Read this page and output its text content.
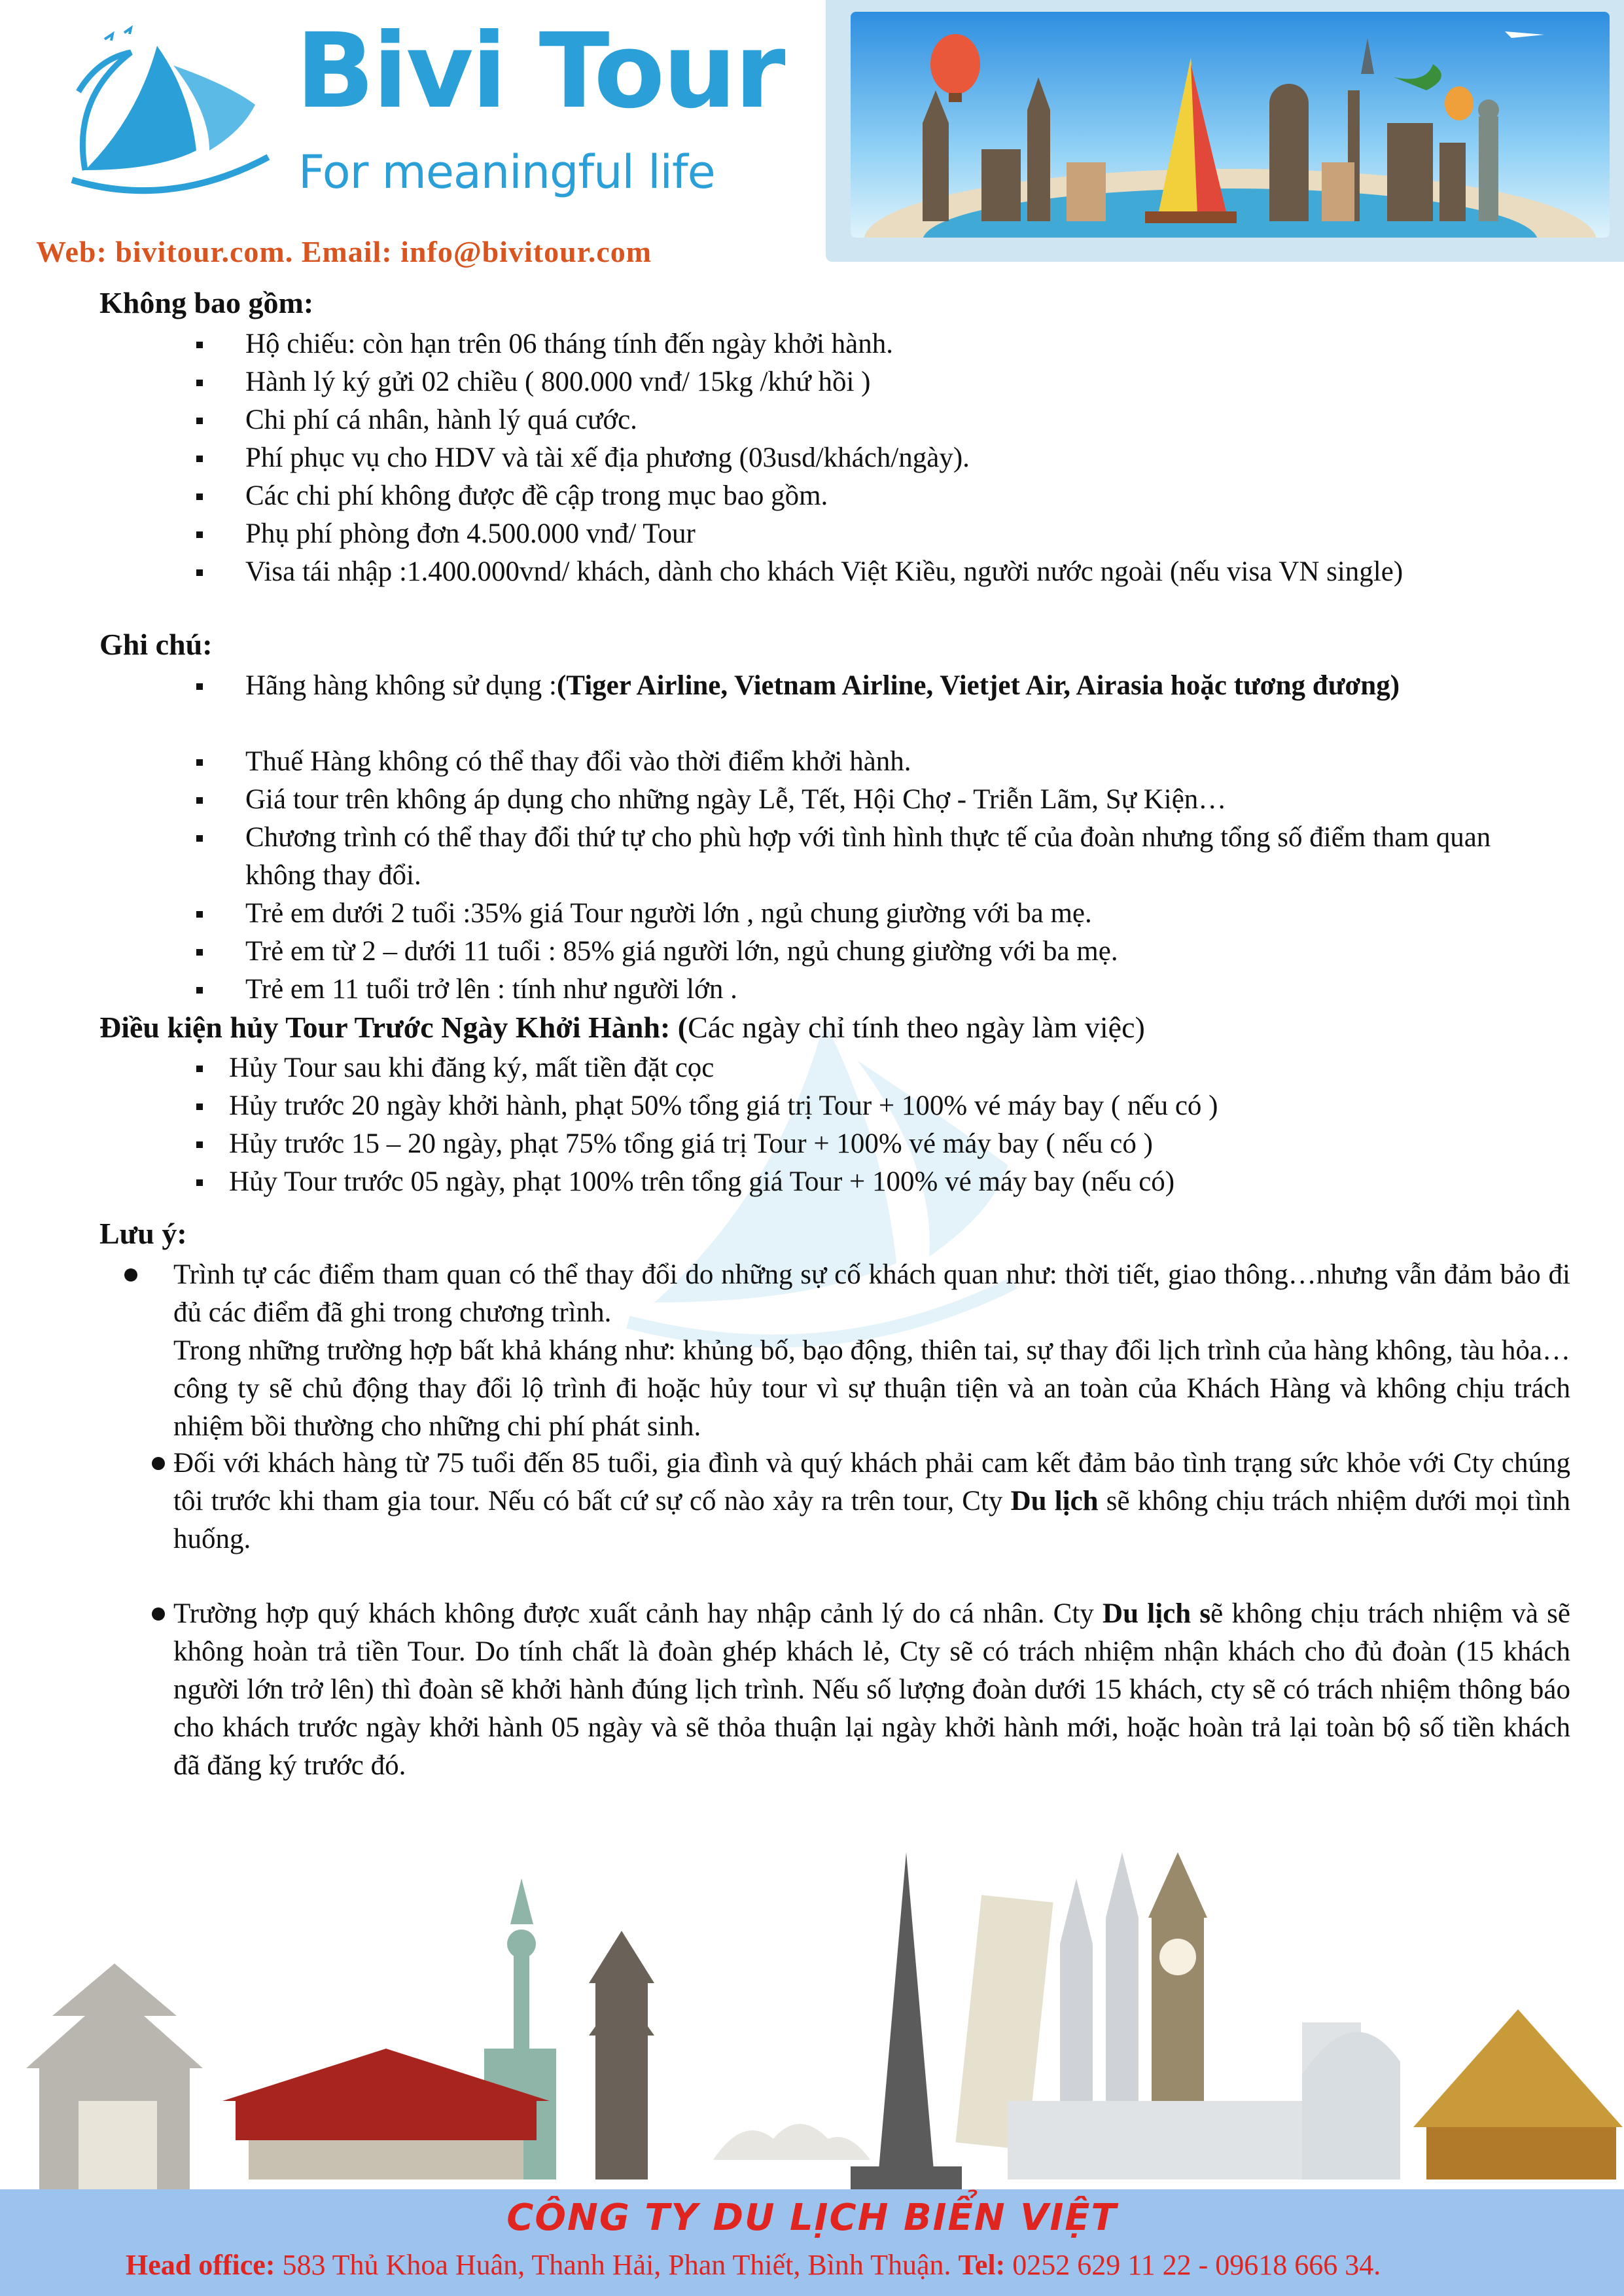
Bivi Tour
For meaningful life
Web: bivitour.com. Email: info@bivitour.com
Không bao gồm:
Hộ chiếu: còn hạn trên 06 tháng tính đến ngày khởi hành.
Hành lý ký gửi 02 chiều ( 800.000 vnđ/ 15kg /khứ hồi )
Chi phí cá nhân, hành lý quá cước.
Phí phục vụ cho HDV và tài xế địa phương (03usd/khách/ngày).
Các chi phí không được đề cập trong mục bao gồm.
Phụ phí phòng đơn 4.500.000 vnđ/ Tour
Visa tái nhập :1.400.000vnd/ khách, dành cho khách Việt Kiều, người nước ngoài (nếu visa VN single)
Ghi chú:
Hãng hàng không sử dụng :(Tiger Airline, Vietnam Airline, Vietjet Air, Airasia hoặc tương đương)
Thuế Hàng không có thể thay đổi vào thời điểm khởi hành.
Giá tour trên không áp dụng cho những ngày Lễ, Tết, Hội Chợ - Triễn Lãm, Sự Kiện…
Chương trình có thể thay đổi thứ tự cho phù hợp với tình hình thực tế của đoàn nhưng tổng số điểm tham quan không thay đổi.
Trẻ em dưới 2 tuổi :35% giá Tour người lớn , ngủ chung giường với ba mẹ.
Trẻ em từ 2 – dưới 11 tuổi : 85% giá người lớn, ngủ chung giường với ba mẹ.
Trẻ em 11 tuổi trở lên : tính như người lớn .
Điều kiện hủy Tour Trước Ngày Khởi Hành: (Các ngày chỉ tính theo ngày làm việc)
Hủy Tour sau khi đăng ký, mất tiền đặt cọc
Hủy trước 20 ngày khởi hành, phạt 50% tổng giá trị Tour + 100% vé máy bay ( nếu có )
Hủy trước 15 – 20 ngày, phạt 75% tổng giá trị Tour + 100% vé máy bay ( nếu có )
Hủy Tour trước 05 ngày, phạt 100% trên tổng giá Tour + 100% vé máy bay (nếu có)
Lưu ý:
Trình tự các điểm tham quan có thể thay đổi do những sự cố khách quan như: thời tiết, giao thông…nhưng vẫn đảm bảo đi đủ các điểm đã ghi trong chương trình.
Trong những trường hợp bất khả kháng như: khủng bố, bạo động, thiên tai, sự thay đổi lịch trình của hàng không, tàu hỏa… công ty sẽ chủ động thay đổi lộ trình đi hoặc hủy tour vì sự thuận tiện và an toàn của Khách Hàng và không chịu trách nhiệm bồi thường cho những chi phí phát sinh.
Đối với khách hàng từ 75 tuổi đến 85 tuổi, gia đình và quý khách phải cam kết đảm bảo tình trạng sức khỏe với Cty chúng tôi trước khi tham gia tour. Nếu có bất cứ sự cố nào xảy ra trên tour, Cty Du lịch sẽ không chịu trách nhiệm dưới mọi tình huống.
Trường hợp quý khách không được xuất cảnh hay nhập cảnh lý do cá nhân. Cty Du lịch sẽ không chịu trách nhiệm và sẽ không hoàn trả tiền Tour. Do tính chất là đoàn ghép khách lẻ, Cty sẽ có trách nhiệm nhận khách cho đủ đoàn (15 khách người lớn trở lên) thì đoàn sẽ khởi hành đúng lịch trình. Nếu số lượng đoàn dưới 15 khách, cty sẽ có trách nhiệm thông báo cho khách trước ngày khởi hành 05 ngày và sẽ thỏa thuận lại ngày khởi hành mới, hoặc hoàn trả lại toàn bộ số tiền khách đã đăng ký trước đó.
CÔNG TY DU LỊCH BIỂN VIỆT
Head office: 583 Thủ Khoa Huân, Thanh Hải, Phan Thiết, Bình Thuận. Tel: 0252 629 11 22 - 09618 666 34.
